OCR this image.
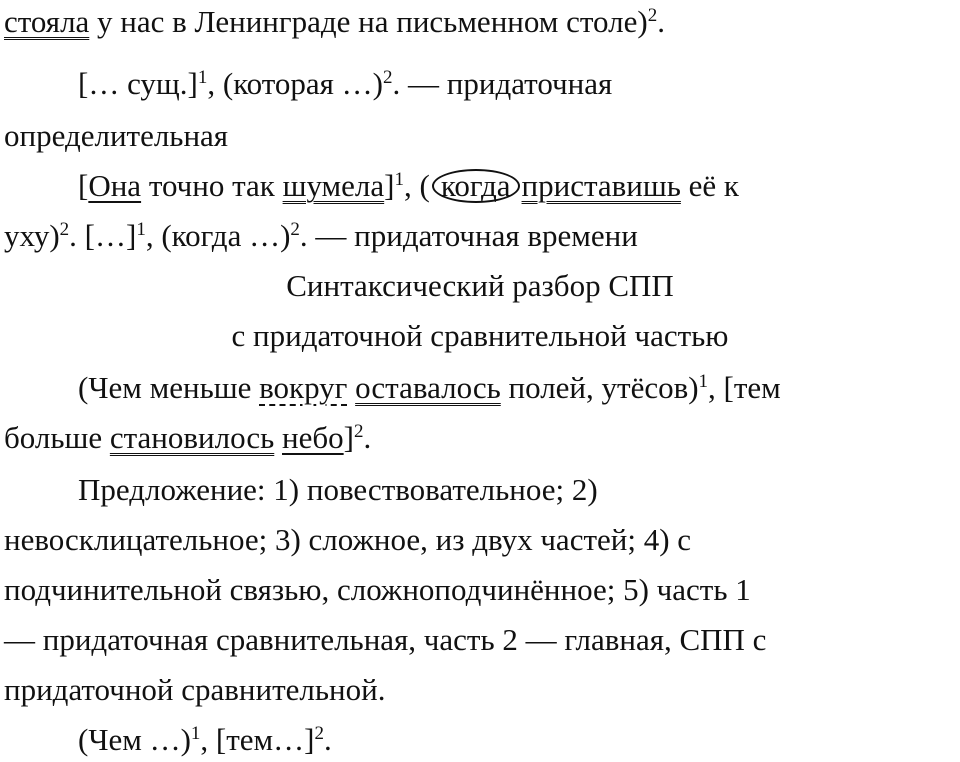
стояла у нас в Ленинграде на письменном столе)$^2$.
[… сущ.]$^1$, (которая …)$^2$. — придаточная
определительная
[Она точно так шумела]$^1$, ( когда приставишь её к
уху)$^2$. […]$^1$, (когда …)$^2$. — придаточная времени
Синтаксический разбор СПП
с придаточной сравнительной частью
(Чем меньше вокруг оставалось полей, утёсов)$^1$, [тем
больше становилось небо]$^2$.
Предложение: 1) повествовательное; 2)
невосклицательное; 3) сложное, из двух частей; 4) с
подчинительной связью, сложноподчинённое; 5) часть 1
— придаточная сравнительная, часть 2 — главная, СПП с
придаточной сравнительной.
(Чем …)$^1$, [тем…]$^2$.
